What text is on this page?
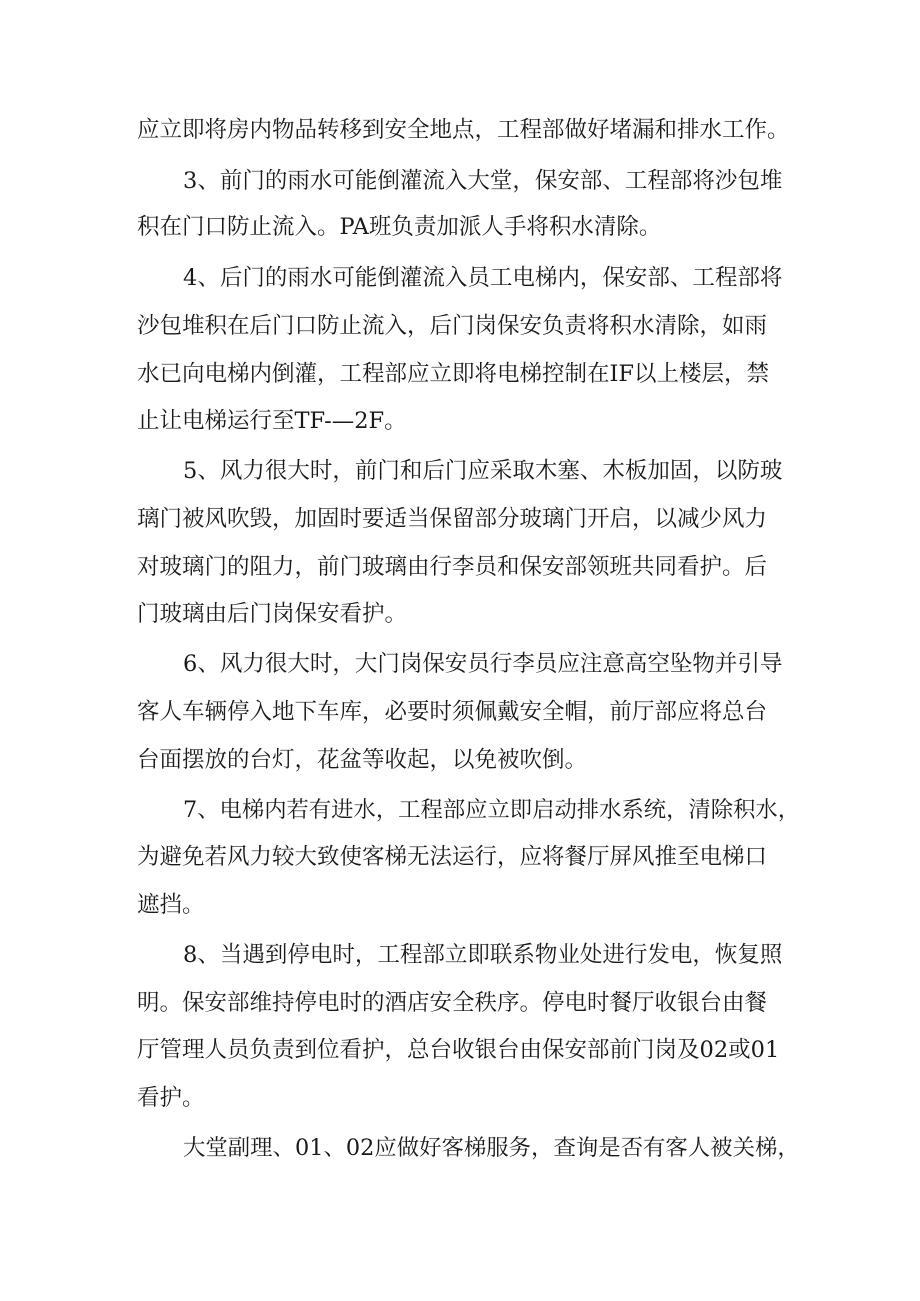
应立即将房内物品转移到安全地点，工程部做好堵漏和排水工作。
3、前门的雨水可能倒灌流入大堂，保安部、工程部将沙包堆
积在门口防止流入。PA班负责加派人手将积水清除。
4、后门的雨水可能倒灌流入员工电梯内，保安部、工程部将
沙包堆积在后门口防止流入，后门岗保安负责将积水清除，如雨
水已向电梯内倒灌，工程部应立即将电梯控制在IF以上楼层，禁
止让电梯运行至TF-—2F。
5、风力很大时，前门和后门应采取木塞、木板加固，以防玻
璃门被风吹毁，加固时要适当保留部分玻璃门开启，以减少风力
对玻璃门的阻力，前门玻璃由行李员和保安部领班共同看护。后
门玻璃由后门岗保安看护。
6、风力很大时，大门岗保安员行李员应注意高空坠物并引导
客人车辆停入地下车库，必要时须佩戴安全帽，前厅部应将总台
台面摆放的台灯，花盆等收起，以免被吹倒。
7、电梯内若有进水，工程部应立即启动排水系统，清除积水，
为避免若风力较大致使客梯无法运行，应将餐厅屏风推至电梯口
遮挡。
8、当遇到停电时，工程部立即联系物业处进行发电，恢复照
明。保安部维持停电时的酒店安全秩序。停电时餐厅收银台由餐
厅管理人员负责到位看护，总台收银台由保安部前门岗及02或01
看护。
大堂副理、01、02应做好客梯服务，查询是否有客人被关梯，
